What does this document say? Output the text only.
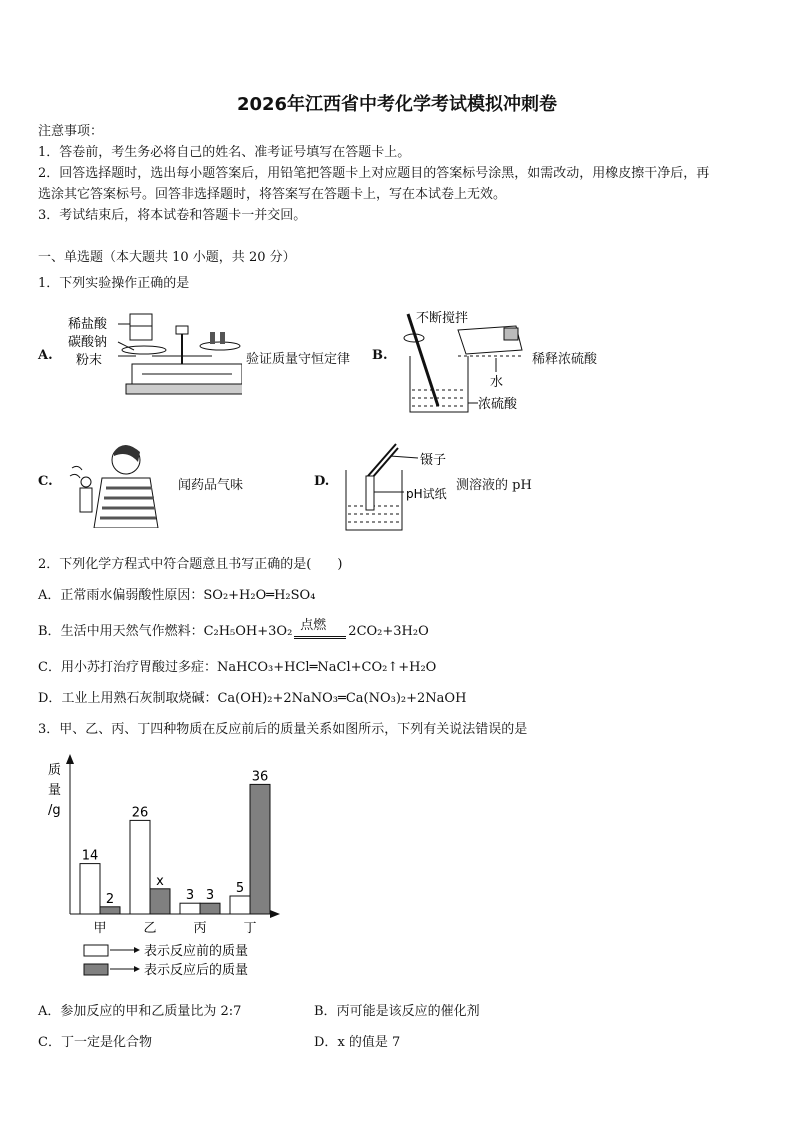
2026年江西省中考化学考试模拟冲刺卷
注意事项：
1．答卷前，考生务必将自己的姓名、准考证号填写在答题卡上。
2．回答选择题时，选出每小题答案后，用铅笔把答题卡上对应题目的答案标号涂黑，如需改动，用橡皮擦干净后，再
选涂其它答案标号。回答非选择题时，将答案写在答题卡上，写在本试卷上无效。
3．考试结束后，将本试卷和答题卡一并交回。
一、单选题（本大题共 10 小题，共 20 分）
1．下列实验操作正确的是
A.
稀盐酸
碳酸钠
粉末	验证质量守恒定律 B.
不断搅拌
水
浓硫酸
稀释浓硫酸
C.	闻药品气味	D.
镊子
pH试纸
测溶液的 pH
2．下列化学方程式中符合题意且书写正确的是(　　)
A．正常雨水偏弱酸性原因：SO₂+H₂O═H₂SO₄
B．生活中用天然气作燃料：C₂H₅OH+3O₂ 点燃 2CO₂+3H₂O
C．用小苏打治疗胃酸过多症：NaHCO₃+HCl═NaCl+CO₂↑+H₂O
D．工业上用熟石灰制取烧碱：Ca(OH)₂+2NaNO₃═Ca(NO₃)₂+2NaOH
3．甲、乙、丙、丁四种物质在反应前后的质量关系如图所示，下列有关说法错误的是
质
量
/g
14
2
甲
26
x
乙
3 3
丙
5
36
丁
表示反应前的质量
表示反应后的质量
A．参加反应的甲和乙质量比为 2:7	B．丙可能是该反应的催化剂
C．丁一定是化合物	D．x 的值是 7
